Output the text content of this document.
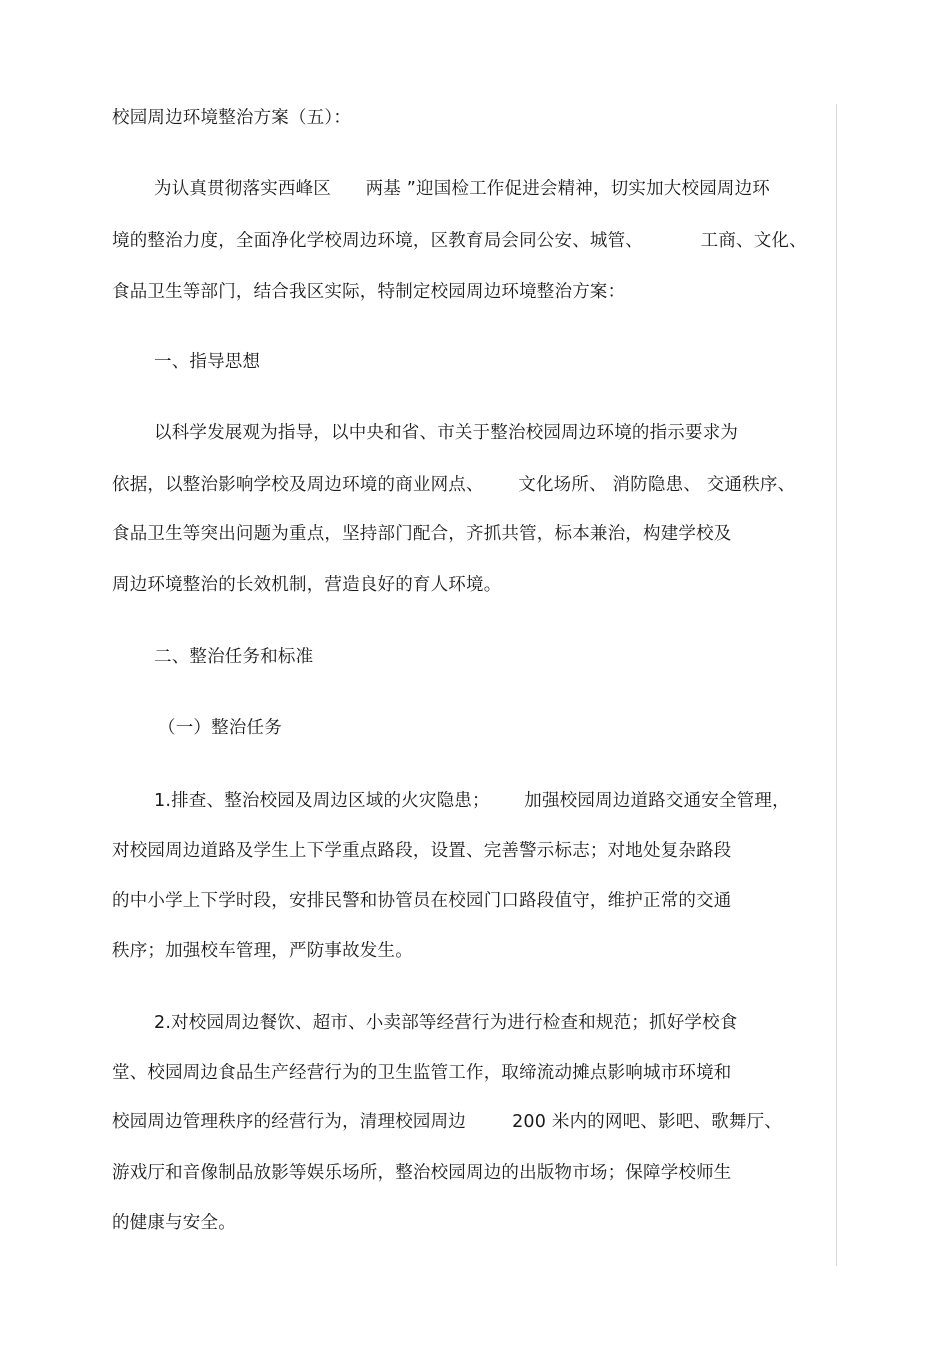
校园周边环境整治方案（五）：
为认真贯彻落实西峰区      两基 ”迎国检工作促进会精神，切实加大校园周边环
境的整治力度，全面净化学校周边环境，区教育局会同公安、城管、          工商、文化、
食品卫生等部门，结合我区实际，特制定校园周边环境整治方案：
一、指导思想
以科学发展观为指导，以中央和省、市关于整治校园周边环境的指示要求为
依据，以整治影响学校及周边环境的商业网点、      文化场所、 消防隐患、 交通秩序、
食品卫生等突出问题为重点，坚持部门配合，齐抓共管，标本兼治，构建学校及
周边环境整治的长效机制，营造良好的育人环境。
二、整治任务和标准
（一）整治任务
1.排查、整治校园及周边区域的火灾隐患；      加强校园周边道路交通安全管理，
对校园周边道路及学生上下学重点路段，设置、完善警示标志；对地处复杂路段
的中小学上下学时段，安排民警和协管员在校园门口路段值守，维护正常的交通
秩序；加强校车管理，严防事故发生。
2.对校园周边餐饮、超市、小卖部等经营行为进行检查和规范；抓好学校食
堂、校园周边食品生产经营行为的卫生监管工作，取缔流动摊点影响城市环境和
校园周边管理秩序的经营行为，清理校园周边        200 米内的网吧、影吧、歌舞厅、
游戏厅和音像制品放影等娱乐场所，整治校园周边的出版物市场；保障学校师生
的健康与安全。
